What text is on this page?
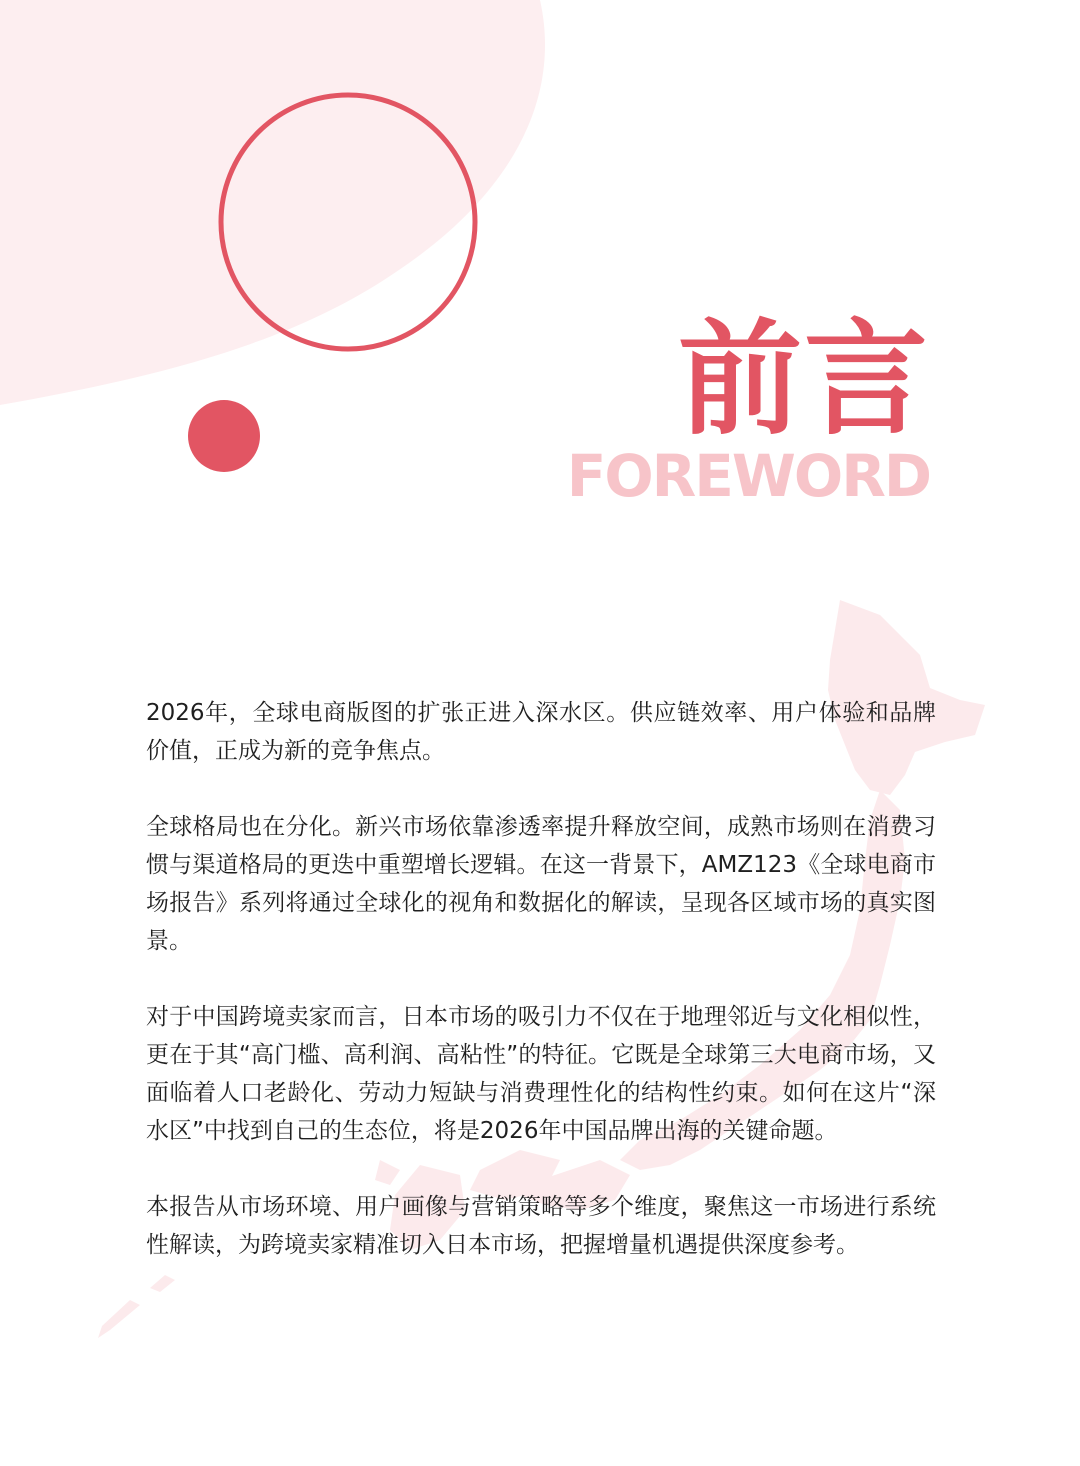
前言
FOREWORD

2026年，全球电商版图的扩张正进入深水区。供应链效率、用户体验和品牌价值，正成为新的竞争焦点。

全球格局也在分化。新兴市场依靠渗透率提升释放空间，成熟市场则在消费习惯与渠道格局的更迭中重塑增长逻辑。在这一背景下，AMZ123《全球电商市场报告》系列将通过全球化的视角和数据化的解读，呈现各区域市场的真实图景。

对于中国跨境卖家而言，日本市场的吸引力不仅在于地理邻近与文化相似性，更在于其“高门槛、高利润、高粘性”的特征。它既是全球第三大电商市场，又面临着人口老龄化、劳动力短缺与消费理性化的结构性约束。如何在这片“深水区”中找到自己的生态位，将是2026年中国品牌出海的关键命题。

本报告从市场环境、用户画像与营销策略等多个维度，聚焦这一市场进行系统性解读，为跨境卖家精准切入日本市场，把握增量机遇提供深度参考。
